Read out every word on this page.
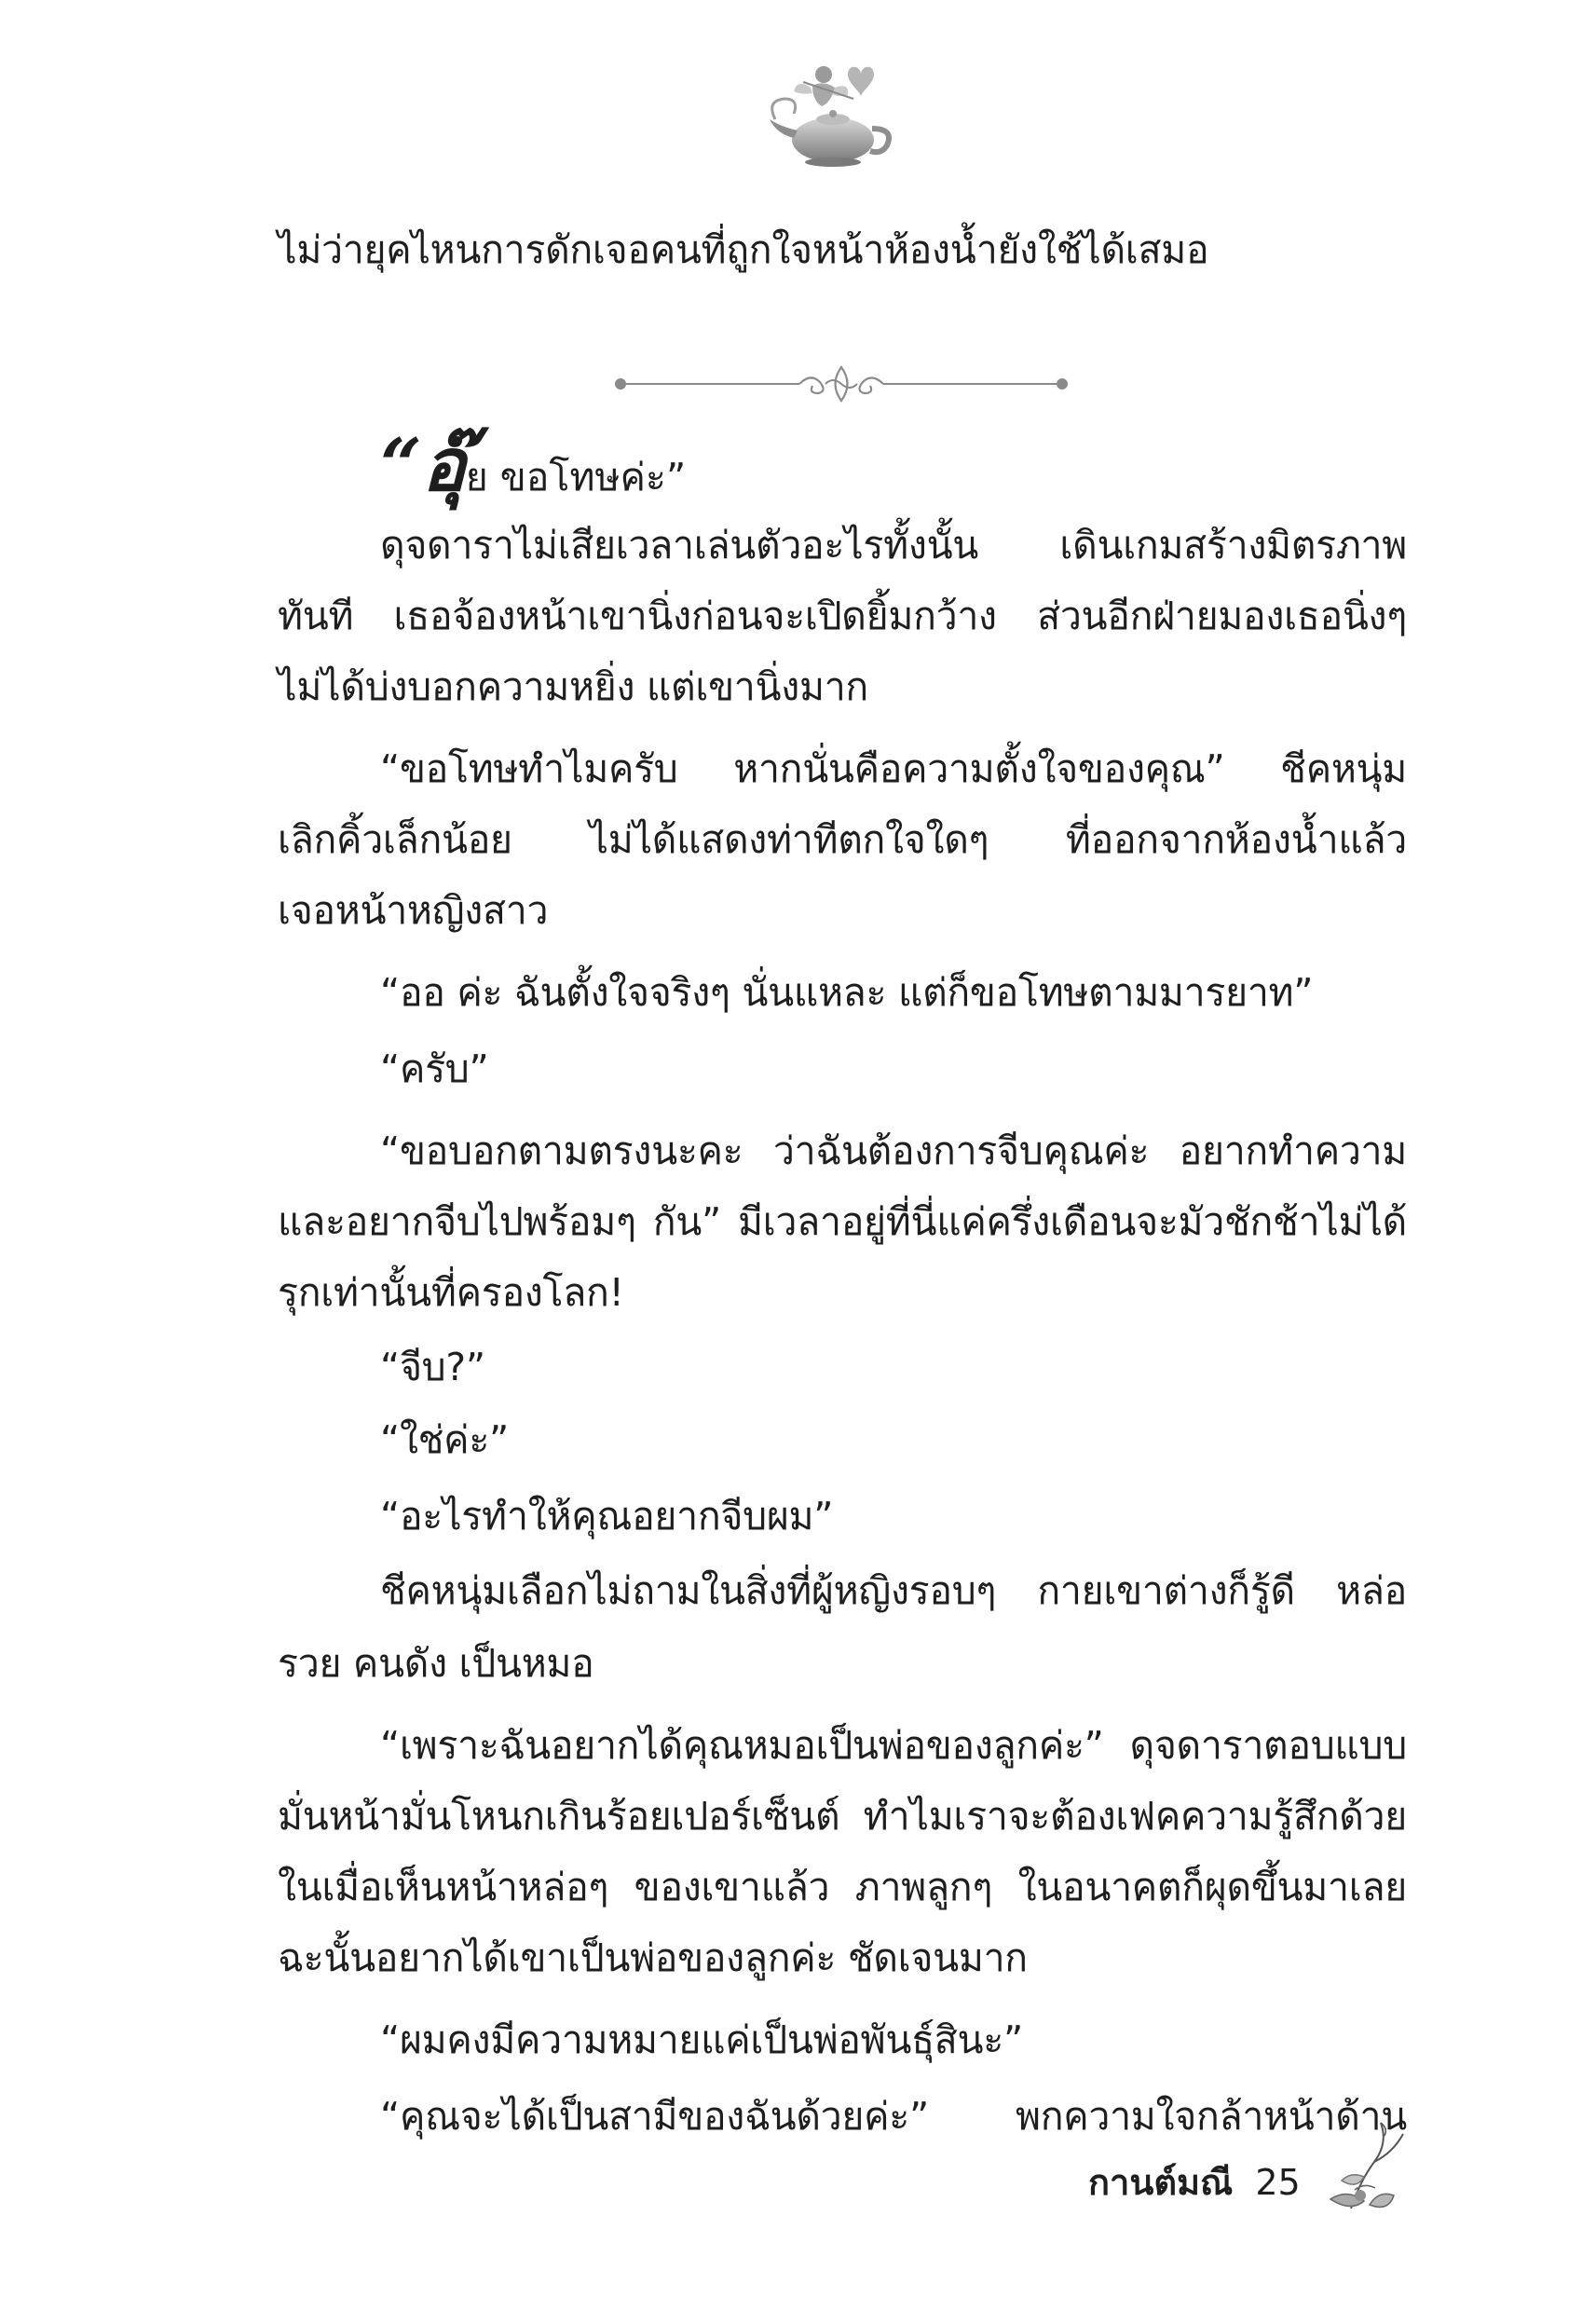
ไม่ว่ายุคไหนการดักเจอคนที่ถูกใจหน้าห้องน้ำยังใช้ได้เสมอ
“อุ๊ย ขอโทษค่ะ”
ดุจดาราไม่เสียเวลาเล่นตัวอะไรทั้งนั้น เดินเกมสร้างมิตรภาพ
ทันที เธอจ้องหน้าเขานิ่งก่อนจะเปิดยิ้มกว้าง ส่วนอีกฝ่ายมองเธอนิ่งๆ
ไม่ได้บ่งบอกความหยิ่ง แต่เขานิ่งมาก
“ขอโทษทำไมครับ หากนั่นคือความตั้งใจของคุณ” ชีคหนุ่ม
เลิกคิ้วเล็กน้อย ไม่ได้แสดงท่าทีตกใจใดๆ ที่ออกจากห้องน้ำแล้ว
เจอหน้าหญิงสาว
“ออ ค่ะ ฉันตั้งใจจริงๆ นั่นแหละ แต่ก็ขอโทษตามมารยาท”
“ครับ”
“ขอบอกตามตรงนะคะ ว่าฉันต้องการจีบคุณค่ะ อยากทำความ
และอยากจีบไปพร้อมๆ กัน” มีเวลาอยู่ที่นี่แค่ครึ่งเดือนจะมัวชักช้าไม่ได้
รุกเท่านั้นที่ครองโลก!
“จีบ?”
“ใช่ค่ะ”
“อะไรทำให้คุณอยากจีบผม”
ชีคหนุ่มเลือกไม่ถามในสิ่งที่ผู้หญิงรอบๆ กายเขาต่างก็รู้ดี หล่อ
รวย คนดัง เป็นหมอ
“เพราะฉันอยากได้คุณหมอเป็นพ่อของลูกค่ะ” ดุจดาราตอบแบบ
มั่นหน้ามั่นโหนกเกินร้อยเปอร์เซ็นต์ ทำไมเราจะต้องเฟคความรู้สึกด้วย
ในเมื่อเห็นหน้าหล่อๆ ของเขาแล้ว ภาพลูกๆ ในอนาคตก็ผุดขึ้นมาเลย
ฉะนั้นอยากได้เขาเป็นพ่อของลูกค่ะ ชัดเจนมาก
“ผมคงมีความหมายแค่เป็นพ่อพันธุ์สินะ”
“คุณจะได้เป็นสามีของฉันด้วยค่ะ” พกความใจกล้าหน้าด้าน
กานต์มณี 25
